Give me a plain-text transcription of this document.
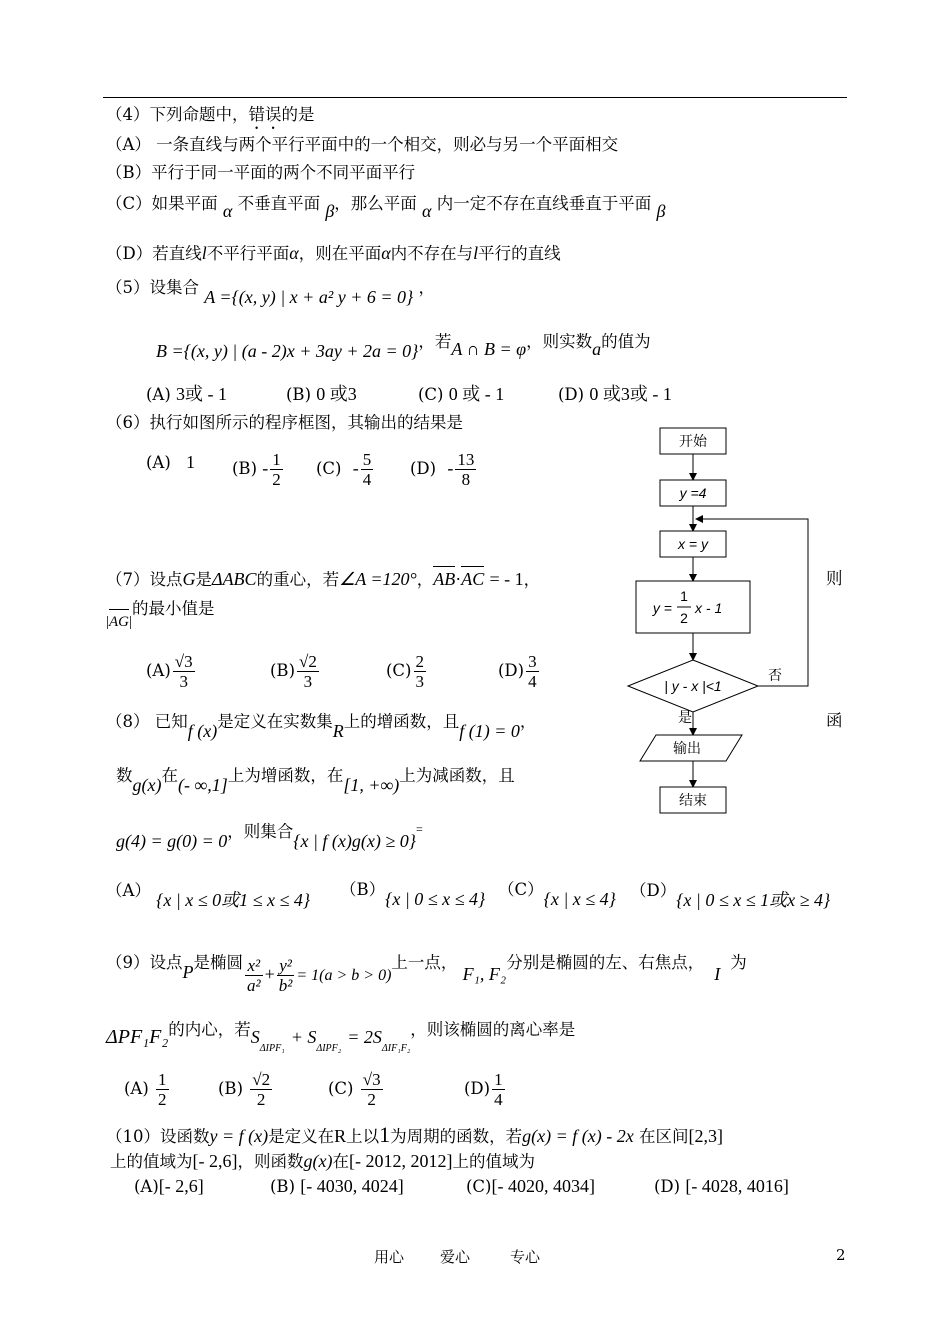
（4）下列命题中，错误的是
（A） 一条直线与两个平行平面中的一个相交，则必与另一个平面相交
（B）平行于同一平面的两个不同平面平行
（C）如果平面 α 不垂直平面 β，那么平面 α 内一定不存在直线垂直于平面 β
（D）若直线l不平行平面α，则在平面α内不存在与l平行的直线
（5）设集合 A ={(x, y) | x + a² y + 6 = 0} ，
B ={(x, y) | (a - 2)x + 3ay + 2a = 0}，若A ∩ B = φ，则实数a的值为
(A) 3或 - 1	(B) 0 或3	(C) 0 或 - 1	(D) 0 或3或 - 1
（6）执行如图所示的程序框图，其输出的结果是
(A) 1 $(B) - \frac{1}{2} (C) - \frac{5}{4} (D) - \frac{13}{8}$
开始
y =4
x = y
y =
1
2
x - 1
| y - x |<1
否
是
输出
结束
（7）设点G是ΔABC的重心，若∠A =120°，AB·AC = - 1，	则
|AG|的最小值是
$(A) \frac{√3}{3}$	$(B) \frac{√2}{3}$	$(C) \frac{2}{3}$	$(D) \frac{3}{4}$
（8） 已知f (x)是定义在实数集R上的增函数，且f (1) = 0，	函
数g(x)在(- ∞,1]上为增函数，在[1, +∞)上为减函数，且
g(4) = g(0) = 0，则集合{x | f (x)g(x) ≥ 0}=
（A） {x | x ≤ 0或1 ≤ x ≤ 4}
（B）{x | 0 ≤ x ≤ 4} （C）{x | x ≤ 4} （D）{x | 0 ≤ x ≤ 1或x ≥ 4}
（9）设点P是椭圆 $\frac{\text{x²}}{\text{a²}} + \frac{\text{y²}}{\text{b²}} = 1(a > b > 0)$上一点， F₁, F₂分别是椭圆的左、右焦点，I为
ΔPF₁F₂的内心，若$S_{\Delta IPF_1}+ S_{\Delta IPF_2}= 2S_{\Delta IF_1F_2}$，则该椭圆的离心率是
$(A) \frac{1}{2}$	$(B) \frac{√2}{2}$	$(C) \frac{√3}{2}$	$(D) \frac{1}{4}$
（10）设函数y = f (x)是定义在R上以1为周期的函数，若g(x) = f (x) - 2x 在区间[2,3]
上的值域为[- 2,6]，则函数g(x)在[- 2012, 2012]上的值域为
(A)[- 2,6]	(B) [- 4030, 4024]	(C)[- 4020, 4034]	(D) [- 4028, 4016]
用心 爱心	专心	2
